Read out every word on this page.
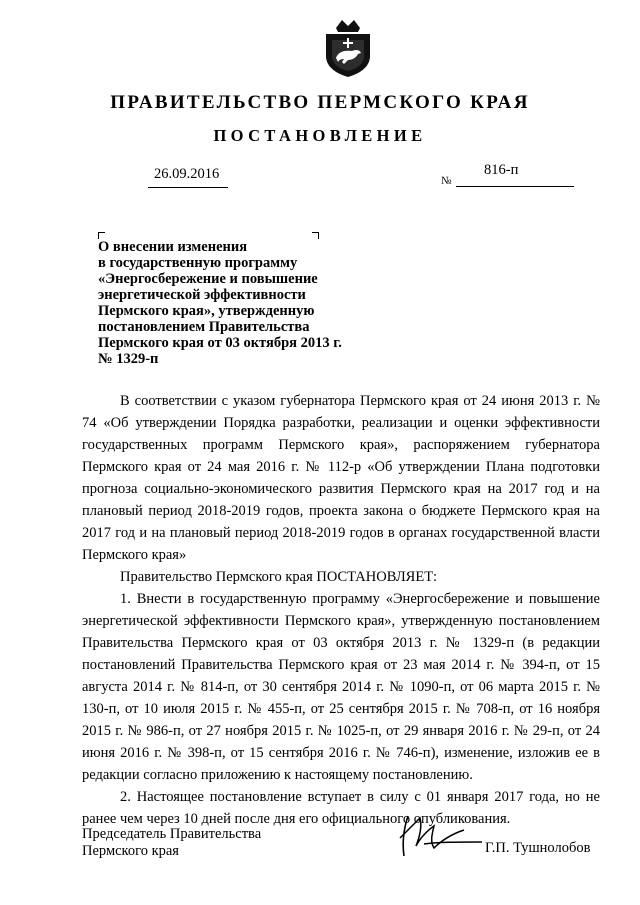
ПРАВИТЕЛЬСТВО ПЕРМСКОГО КРАЯ
ПОСТАНОВЛЕНИЕ
26.09.2016	№
816-п
О внесении изменения
в государственную программу
«Энергосбережение и повышение
энергетической эффективности
Пермского края», утвержденную
постановлением Правительства
Пермского края от 03 октября 2013 г.
№ 1329-п

В соответствии с указом губернатора Пермского края от 24 июня 2013 г. № 74 «Об утверждении Порядка разработки, реализации и оценки эффективности государственных программ Пермского края», распоряжением губернатора Пермского края от 24 мая 2016 г. № 112-р «Об утверждении Плана подготовки прогноза социально-экономического развития Пермского края на 2017 год и на плановый период 2018-2019 годов, проекта закона о бюджете Пермского края на 2017 год и на плановый период 2018-2019 годов в органах государственной власти Пермского края»

Правительство Пермского края ПОСТАНОВЛЯЕТ:

1. Внести в государственную программу «Энергосбережение и повышение энергетической эффективности Пермского края», утвержденную постановлением Правительства Пермского края от 03 октября 2013 г. № 1329-п (в редакции постановлений Правительства Пермского края от 23 мая 2014 г. № 394-п, от 15 августа 2014 г. № 814-п, от 30 сентября 2014 г. № 1090-п, от 06 марта 2015 г. № 130-п, от 10 июля 2015 г. № 455-п, от 25 сентября 2015 г. № 708-п, от 16 ноября 2015 г. № 986-п, от 27 ноября 2015 г. № 1025-п, от 29 января 2016 г. № 29-п, от 24 июня 2016 г. № 398-п, от 15 сентября 2016 г. № 746-п), изменение, изложив ее в редакции согласно приложению к настоящему постановлению.

2. Настоящее постановление вступает в силу с 01 января 2017 года, но не ранее чем через 10 дней после дня его официального опубликования.

Председатель Правительства
Пермского края	Г.П. Тушнолобов
